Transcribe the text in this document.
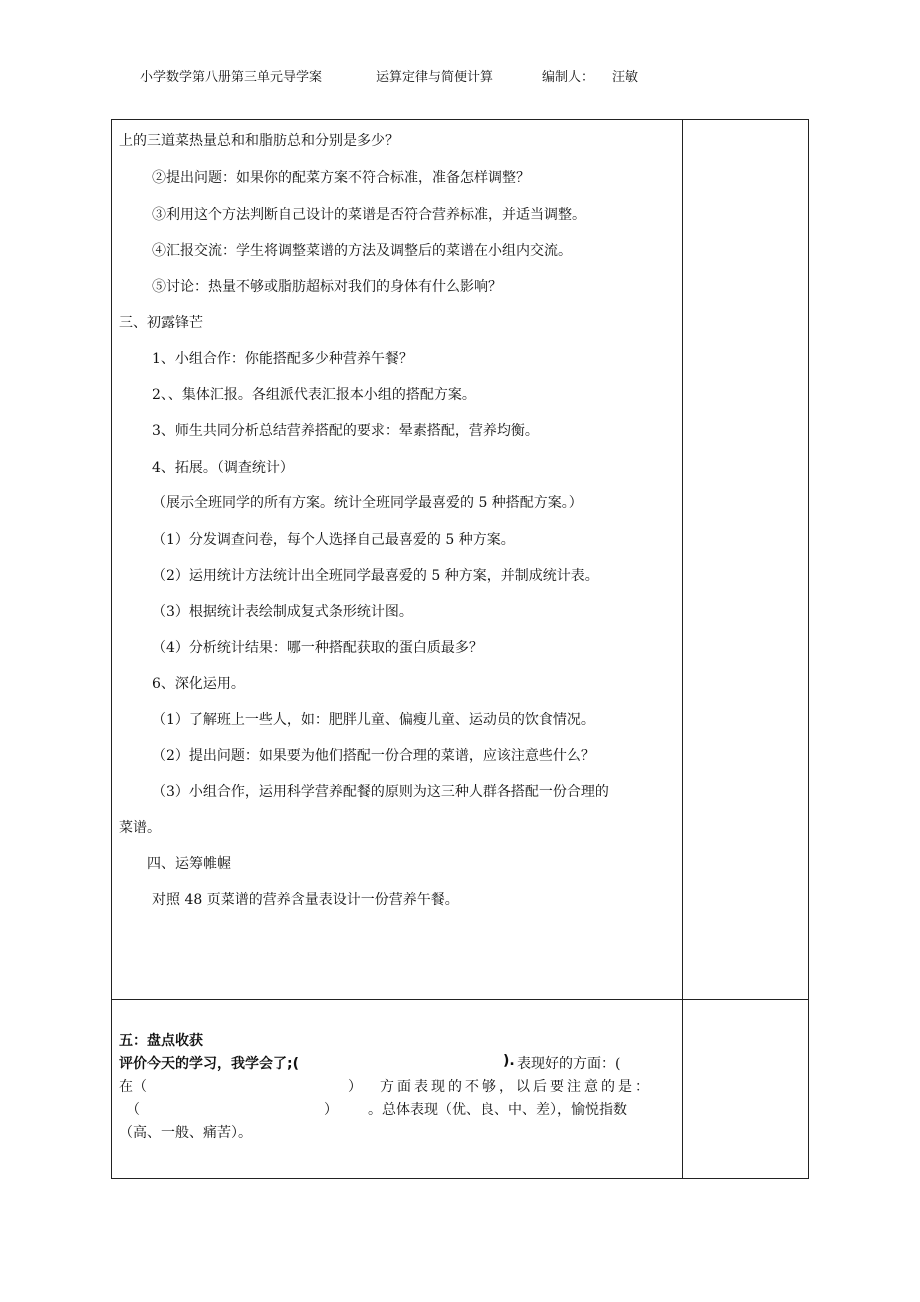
小学数学第八册第三单元导学案	运算定律与简便计算	编制人： 汪敏
上的三道菜热量总和和脂肪总和分别是多少？
②提出问题：如果你的配菜方案不符合标准，准备怎样调整？
③利用这个方法判断自己设计的菜谱是否符合营养标准，并适当调整。
④汇报交流：学生将调整菜谱的方法及调整后的菜谱在小组内交流。
⑤讨论：热量不够或脂肪超标对我们的身体有什么影响？
三、初露锋芒
1、小组合作：你能搭配多少种营养午餐？
2、、集体汇报。各组派代表汇报本小组的搭配方案。
3、师生共同分析总结营养搭配的要求：晕素搭配，营养均衡。
4、拓展。（调查统计）
（展示全班同学的所有方案。统计全班同学最喜爱的 5 种搭配方案。）
（1）分发调查问卷，每个人选择自己最喜爱的 5 种方案。
（2）运用统计方法统计出全班同学最喜爱的 5 种方案，并制成统计表。
（3）根据统计表绘制成复式条形统计图。
（4）分析统计结果：哪一种搭配获取的蛋白质最多？
6、深化运用。
（1）了解班上一些人，如：肥胖儿童、偏瘦儿童、运动员的饮食情况。
（2）提出问题：如果要为他们搭配一份合理的菜谱，应该注意些什么？
（3）小组合作，运用科学营养配餐的原则为这三种人群各搭配一份合理的
菜谱。
四、运筹帷幄
对照 48 页菜谱的营养含量表设计一份营养午餐。
五：盘点收获
评价今天的学习，我学会了;(	). 表现好的方面：(
在（	） 方面表现的不够，以后要注意的是：
（	） 。总体表现（优、良、中、差），愉悦指数
（高、一般、痛苦）。
